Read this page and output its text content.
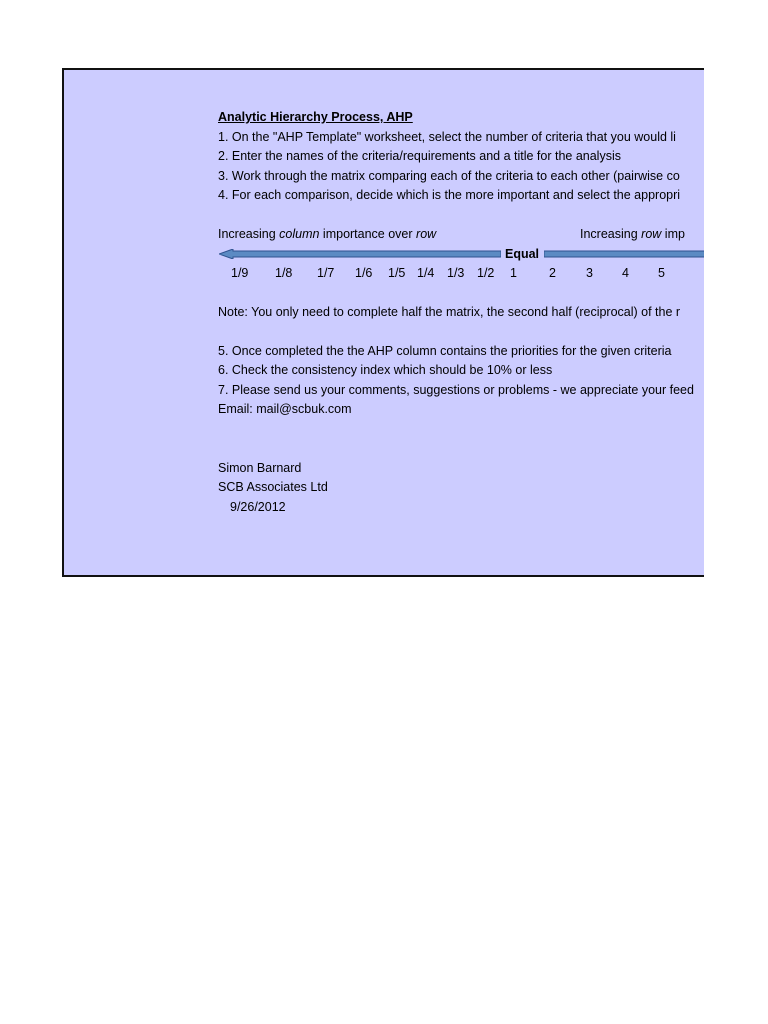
Analytic Hierarchy Process, AHP
1. On the "AHP Template" worksheet, select the number of criteria that you would li
2. Enter the names of the criteria/requirements and a title for the analysis
3. Work through the matrix comparing each of the criteria to each other (pairwise co
4. For each comparison, decide which is the more important and select the appropri
Increasing column importance over row	Increasing row imp
Equal
1/9 1/8 1/7 1/6 1/5 1/4 1/3 1/2 1	2 3 4 5
Note: You only need to complete half the matrix, the second half (reciprocal) of the r
5. Once completed the the AHP column contains the priorities for the given criteria
6. Check the consistency index which should be 10% or less
7. Please send us your comments, suggestions or problems - we appreciate your feed
Email: mail@scbuk.com
Simon Barnard
SCB Associates Ltd
9/26/2012
